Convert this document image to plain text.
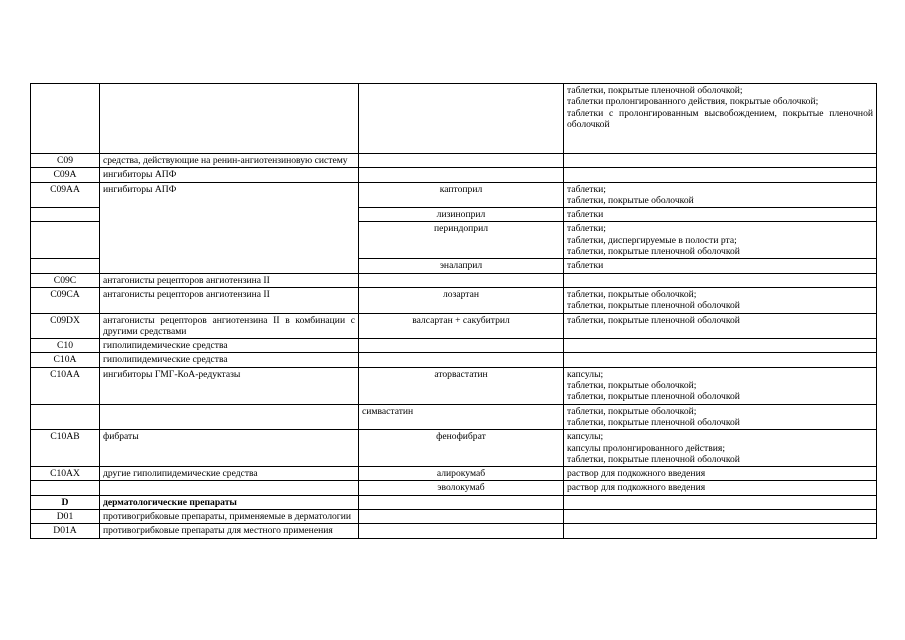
			таблетки, покрытые пленочной оболочкой;
таблетки пролонгированного действия, покрытые оболочкой;
таблетки с пролонгированным высвобождением, покрытые пленочной оболочкой

C09	средства, действующие на ренин-ангиотензиновую систему		
C09A	ингибиторы АПФ		
C09AA	ингибиторы АПФ	каптоприл	таблетки;
таблетки, покрытые оболочкой

		лизиноприл	таблетки

		периндоприл	таблетки;
таблетки, диспергируемые в полости рта;
таблетки, покрытые пленочной оболочкой

		эналаприл	таблетки

C09C	антагонисты рецепторов ангиотензина II		
C09CA	антагонисты рецепторов ангиотензина II	лозартан	таблетки, покрытые оболочкой;
таблетки, покрытые пленочной оболочкой

C09DX	антагонисты рецепторов ангиотензина II в комбинации с другими средствами	валсартан + сакубитрил	таблетки, покрытые пленочной оболочкой

C10	гиполипидемические средства		
C10A	гиполипидемические средства		
C10AA	ингибиторы ГМГ-КоА-редуктазы	аторвастатин	капсулы;
таблетки, покрытые оболочкой;
таблетки, покрытые пленочной оболочкой

		симвастатин	таблетки, покрытые оболочкой;
таблетки, покрытые пленочной оболочкой

C10AB	фибраты	фенофибрат	капсулы;
капсулы пролонгированного действия;
таблетки, покрытые пленочной оболочкой

C10AX	другие гиполипидемические средства	алирокумаб	раствор для подкожного введения

		эволокумаб	раствор для подкожного введения

D	дерматологические препараты		
D01	противогрибковые препараты, применяемые в дерматологии		
D01A	противогрибковые препараты для местного применения		
